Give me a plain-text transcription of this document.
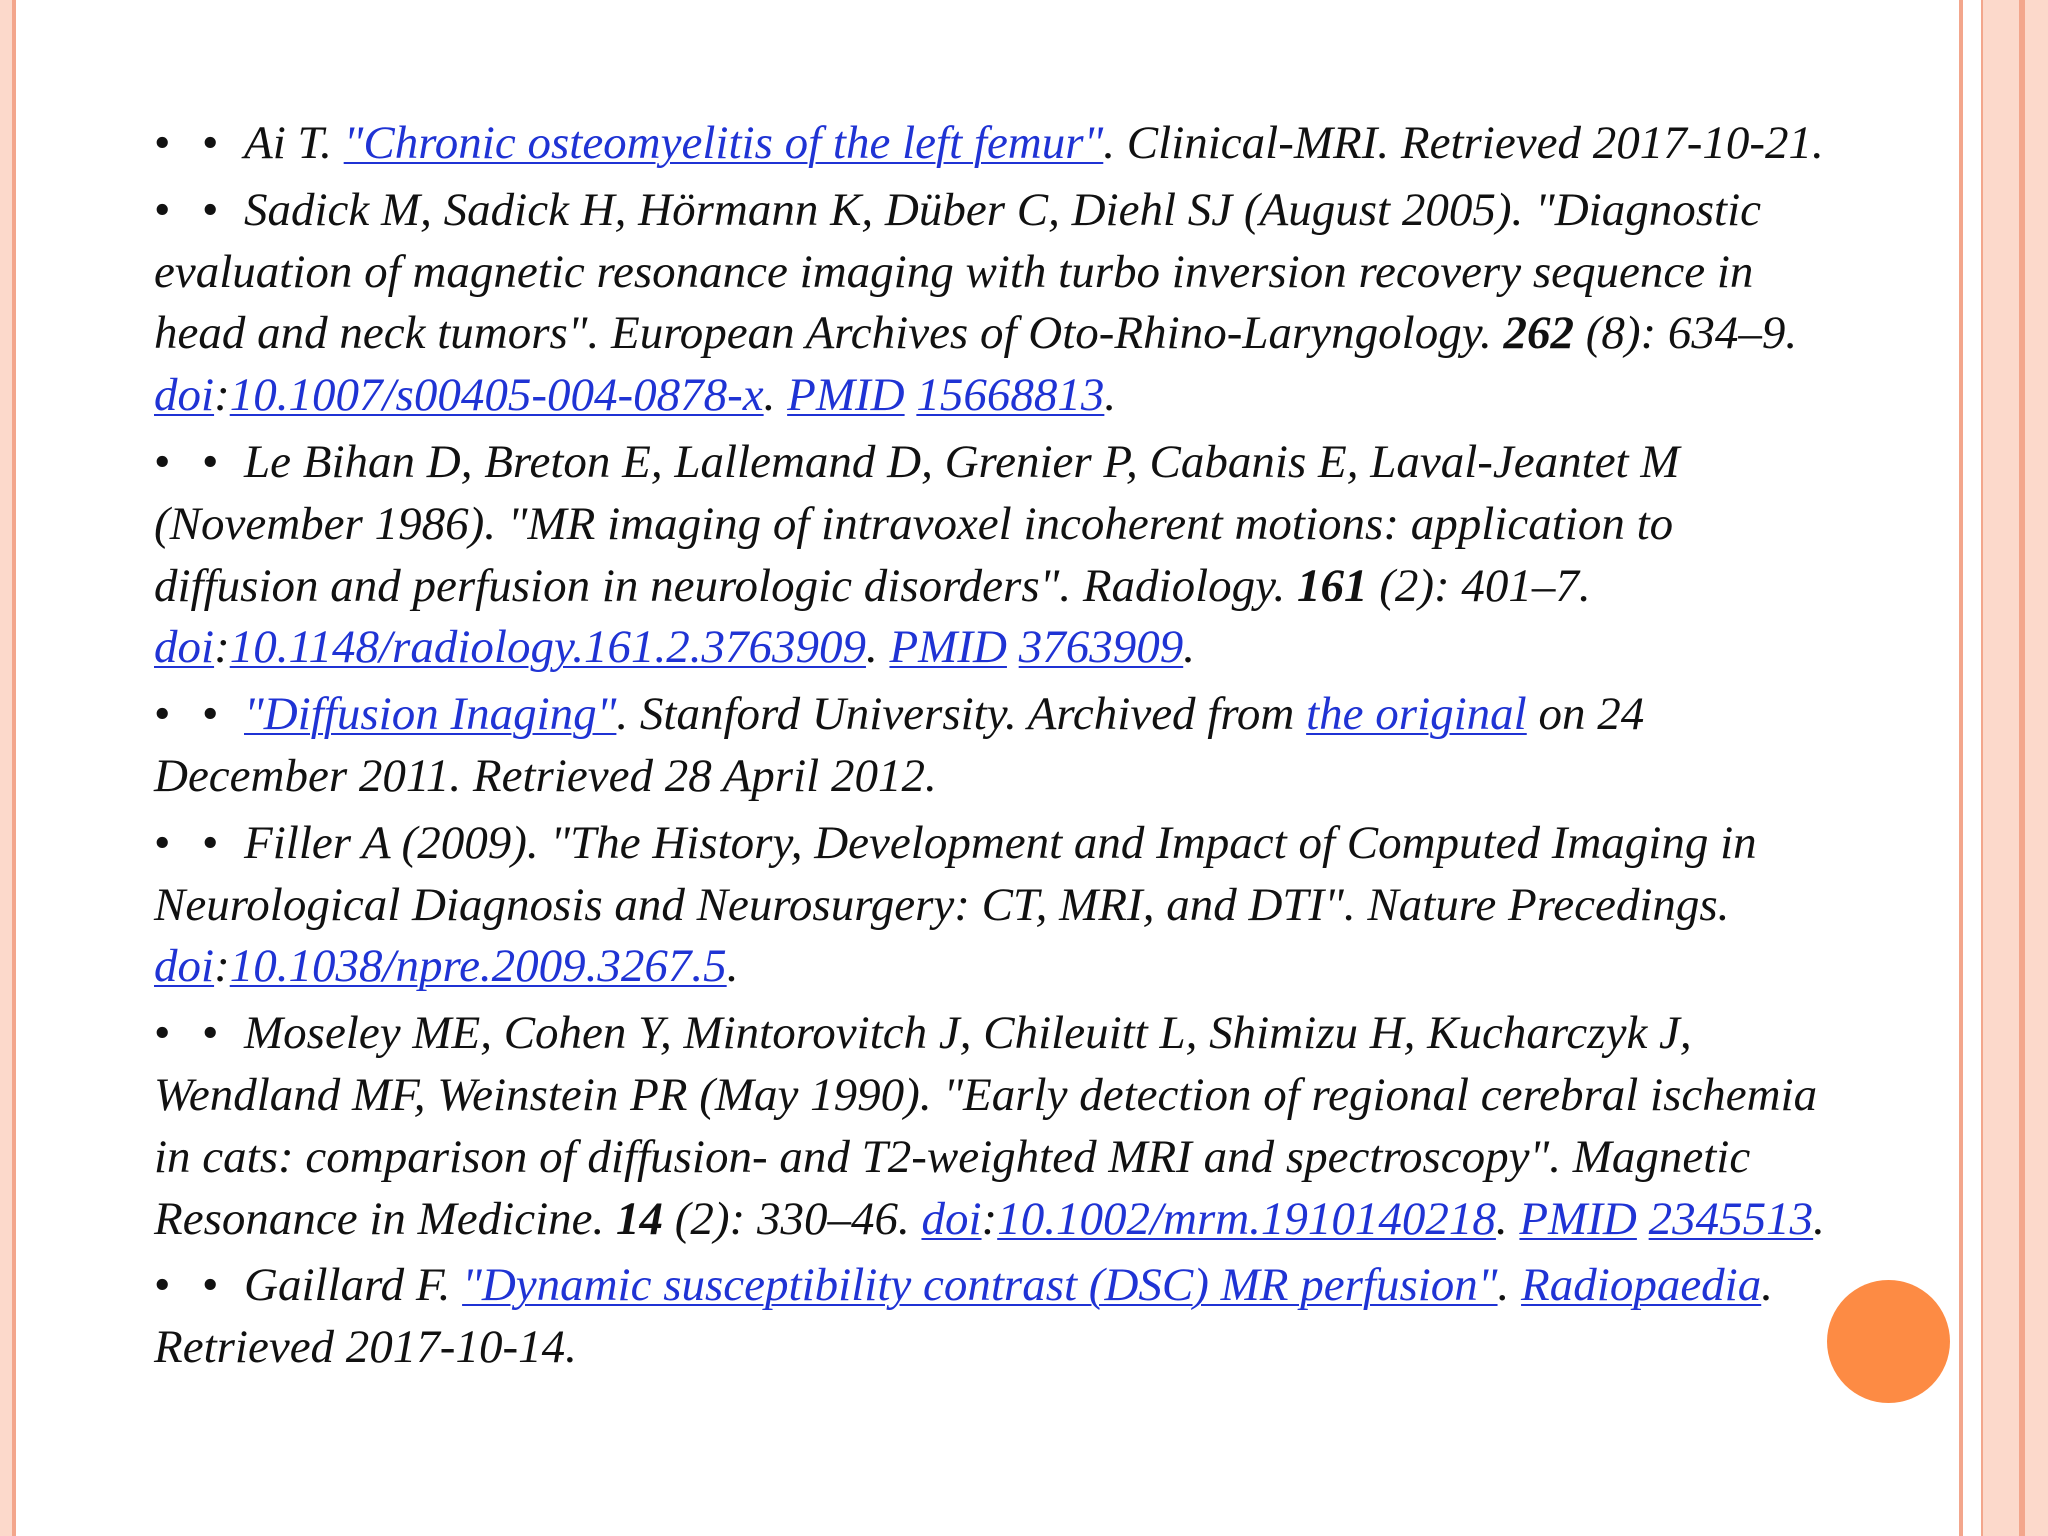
• • Ai T. "Chronic osteomyelitis of the left femur" . Clinical-MRI. Retrieved 2017-10-21.
• • Sadick M, Sadick H, Hörmann K, Düber C, Diehl SJ (August 2005). "Diagnostic
evaluation of magnetic resonance imaging with turbo inversion recovery sequence in
head and neck tumors". European Archives of Oto-Rhino-Laryngology. 262 (8): 634–9.
doi : 10.1007/s00405-004-0878-x . PMID
15668813 .
• • Le Bihan D, Breton E, Lallemand D, Grenier P, Cabanis E, Laval-Jeantet M
(November 1986). "MR imaging of intravoxel incoherent motions: application to
diffusion and perfusion in neurologic disorders". Radiology. 161 (2): 401–7.
doi : 10.1148/radiology.161.2.3763909 . PMID
3763909 .
• • "Diffusion Inaging" . Stanford University. Archived from the original on 24
December 2011. Retrieved 28 April 2012.
• • Filler A (2009). "The History, Development and Impact of Computed Imaging in
Neurological Diagnosis and Neurosurgery: CT, MRI, and DTI". Nature Precedings.
doi : 10.1038/npre.2009.3267.5 .
• • Moseley ME, Cohen Y, Mintorovitch J, Chileuitt L, Shimizu H, Kucharczyk J,
Wendland MF, Weinstein PR (May 1990). "Early detection of regional cerebral ischemia
in cats: comparison of diffusion- and T2-weighted MRI and spectroscopy". Magnetic
Resonance in Medicine. 14 (2): 330–46. doi : 10.1002/mrm.1910140218 . PMID
2345513 .
• • Gaillard F. "Dynamic susceptibility contrast (DSC) MR perfusion" . Radiopaedia .
Retrieved 2017-10-14.
